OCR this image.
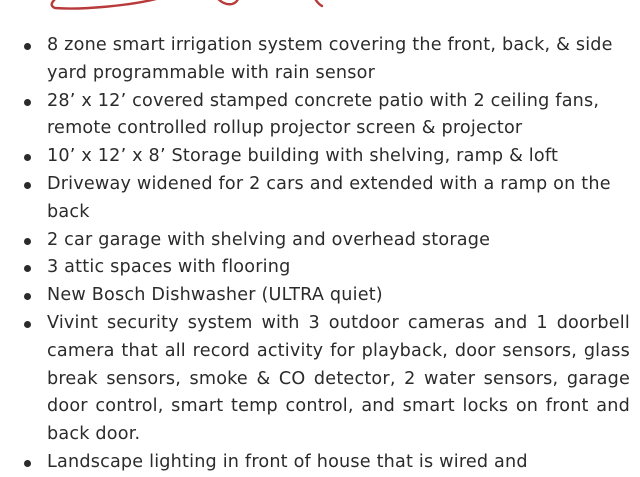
8 zone smart irrigation system covering the front, back, & side yard programmable with rain sensor
28’ x 12’ covered stamped concrete patio with 2 ceiling fans, remote controlled rollup projector screen & projector
10’ x 12’ x 8’ Storage building with shelving, ramp & loft
Driveway widened for 2 cars and extended with a ramp on the back
2 car garage with shelving and overhead storage
3 attic spaces with flooring
New Bosch Dishwasher (ULTRA quiet)
Vivint security system with 3 outdoor cameras and 1 doorbell camera that all record activity for playback, door sensors, glass break sensors, smoke & CO detector, 2 water sensors, garage door control, smart temp control, and smart locks on front and back door.
Landscape lighting in front of house that is wired and
